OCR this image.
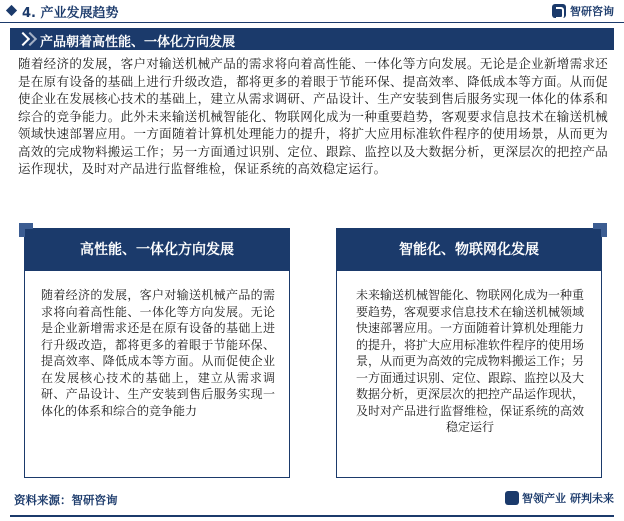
4. 产业发展趋势	智研咨询
产品朝着高性能、一体化方向发展
随着经济的发展，客户对输送机械产品的需求将向着高性能、一体化等方向发展。无论是企业新增需求还是在原有设备的基础上进行升级改造，都将更多的着眼于节能环保、提高效率、降低成本等方面。从而促使企业在发展核心技术的基础上，建立从需求调研、产品设计、生产安装到售后服务实现一体化的体系和综合的竞争能力。此外未来输送机械智能化、物联网化成为一种重要趋势，客观要求信息技术在输送机械领域快速部署应用。一方面随着计算机处理能力的提升，将扩大应用标准软件程序的使用场景，从而更为高效的完成物料搬运工作；另一方面通过识别、定位、跟踪、监控以及大数据分析，更深层次的把控产品运作现状，及时对产品进行监督维检，保证系统的高效稳定运行。
高性能、一体化方向发展
随着经济的发展，客户对输送机械产品的需求将向着高性能、一体化等方向发展。无论是企业新增需求还是在原有设备的基础上进行升级改造，都将更多的着眼于节能环保、提高效率、降低成本等方面。从而促使企业在发展核心技术的基础上，建立从需求调研、产品设计、生产安装到售后服务实现一体化的体系和综合的竞争能力
智能化、物联网化发展
未来输送机械智能化、物联网化成为一种重要趋势，客观要求信息技术在输送机械领域快速部署应用。一方面随着计算机处理能力的提升，将扩大应用标准软件程序的使用场景，从而更为高效的完成物料搬运工作；另一方面通过识别、定位、跟踪、监控以及大数据分析，更深层次的把控产品运作现状，及时对产品进行监督维检，保证系统的高效稳定运行
资料来源：智研咨询	智领产业 研判未来
